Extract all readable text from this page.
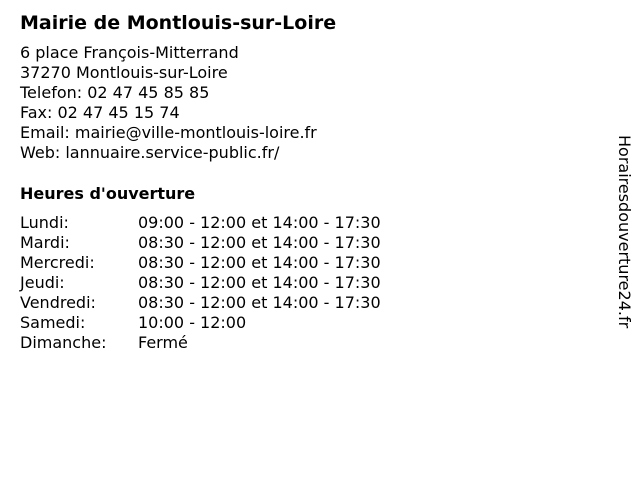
Mairie de Montlouis-sur-Loire
6 place François-Mitterrand
37270 Montlouis-sur-Loire
Telefon: 02 47 45 85 85
Fax: 02 47 45 15 74
Email: mairie@ville-montlouis-loire.fr
Web: lannuaire.service-public.fr/
Heures d'ouverture
Lundi:	09:00 - 12:00 et 14:00 - 17:30
Mardi:	08:30 - 12:00 et 14:00 - 17:30
Mercredi:	08:30 - 12:00 et 14:00 - 17:30
Jeudi:	08:30 - 12:00 et 14:00 - 17:30
Vendredi:	08:30 - 12:00 et 14:00 - 17:30
Samedi:	10:00 - 12:00
Dimanche:	Fermé
Horairesdouverture24.fr
